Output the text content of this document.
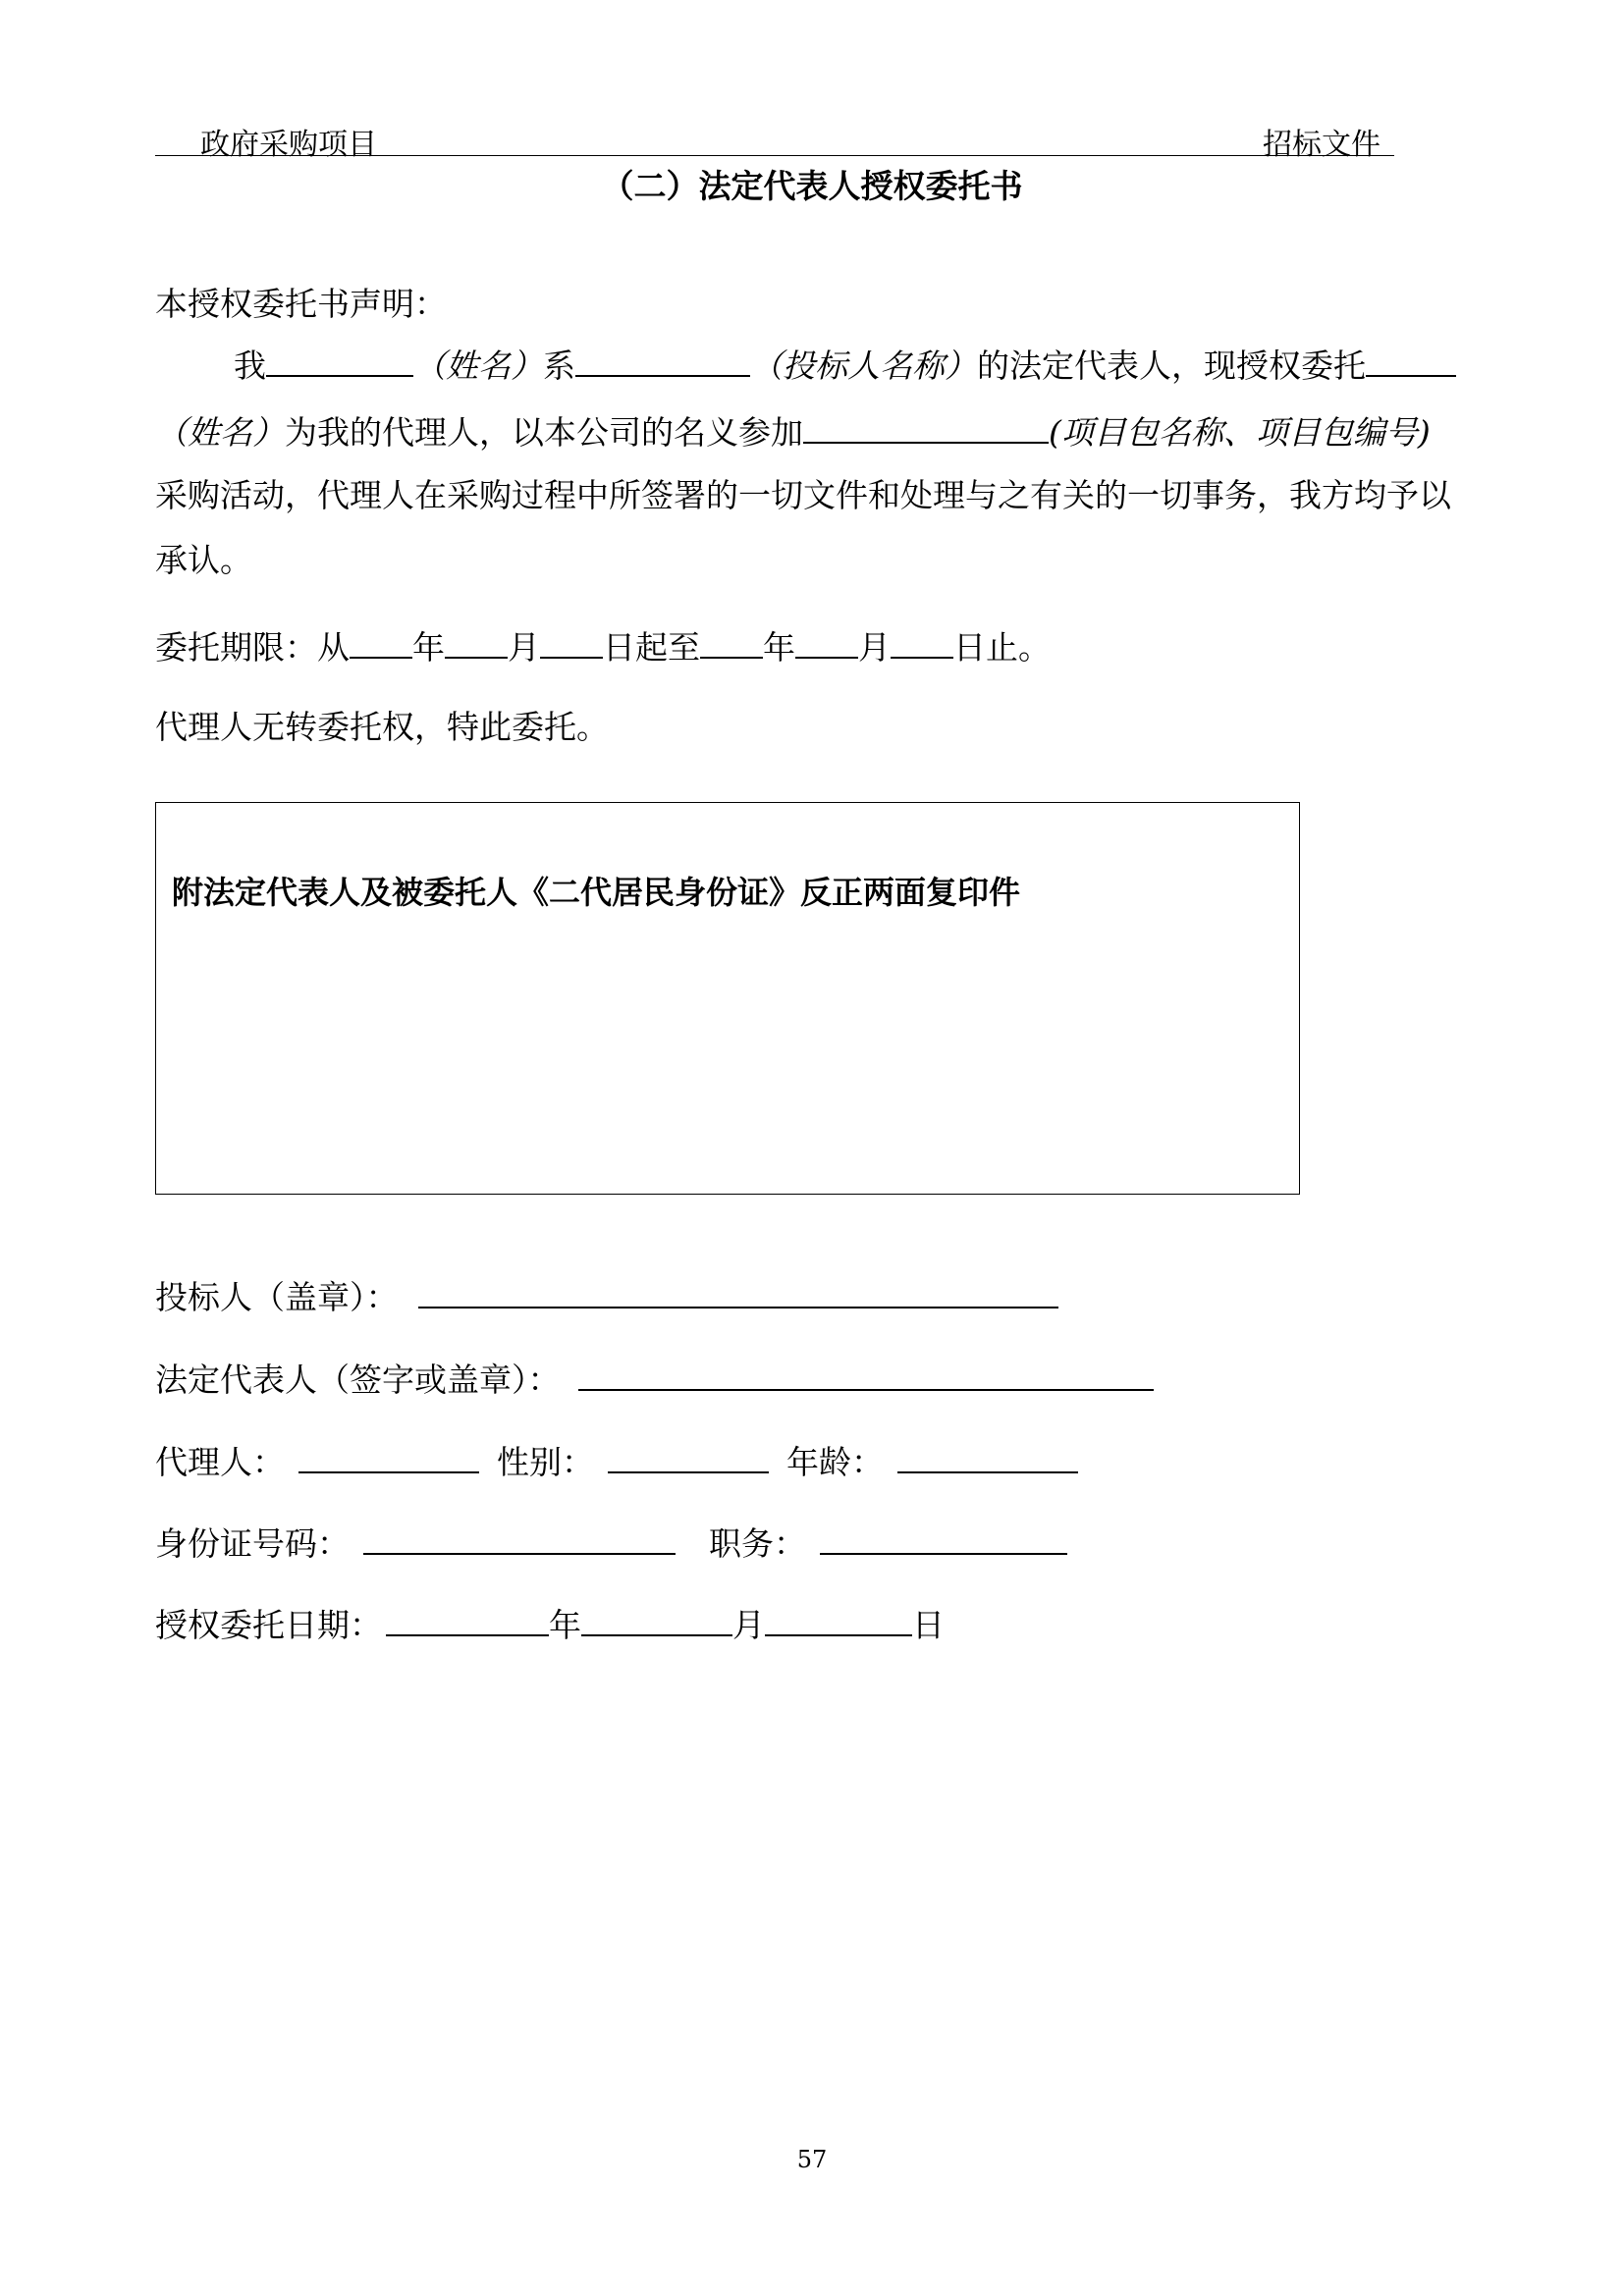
政府采购项目	招标文件
（二）法定代表人授权委托书
本授权委托书声明：
我	（姓名）系	（投标人名称）的法定代表人，现授权委托
（姓名）为我的代理人，以本公司的名义参加	(项目包名称、项目包编号)
采购活动，代理人在采购过程中所签署的一切文件和处理与之有关的一切事务，我方均予以
承认。
委托期限：从 年 月 日起至 年 月 日止。
代理人无转委托权，特此委托。
附法定代表人及被委托人《二代居民身份证》反正两面复印件
投标人（盖章）：
法定代表人（签字或盖章）：
代理人：	性别：	年龄：
身份证号码：	职务：
授权委托日期：	年	月	日
57
